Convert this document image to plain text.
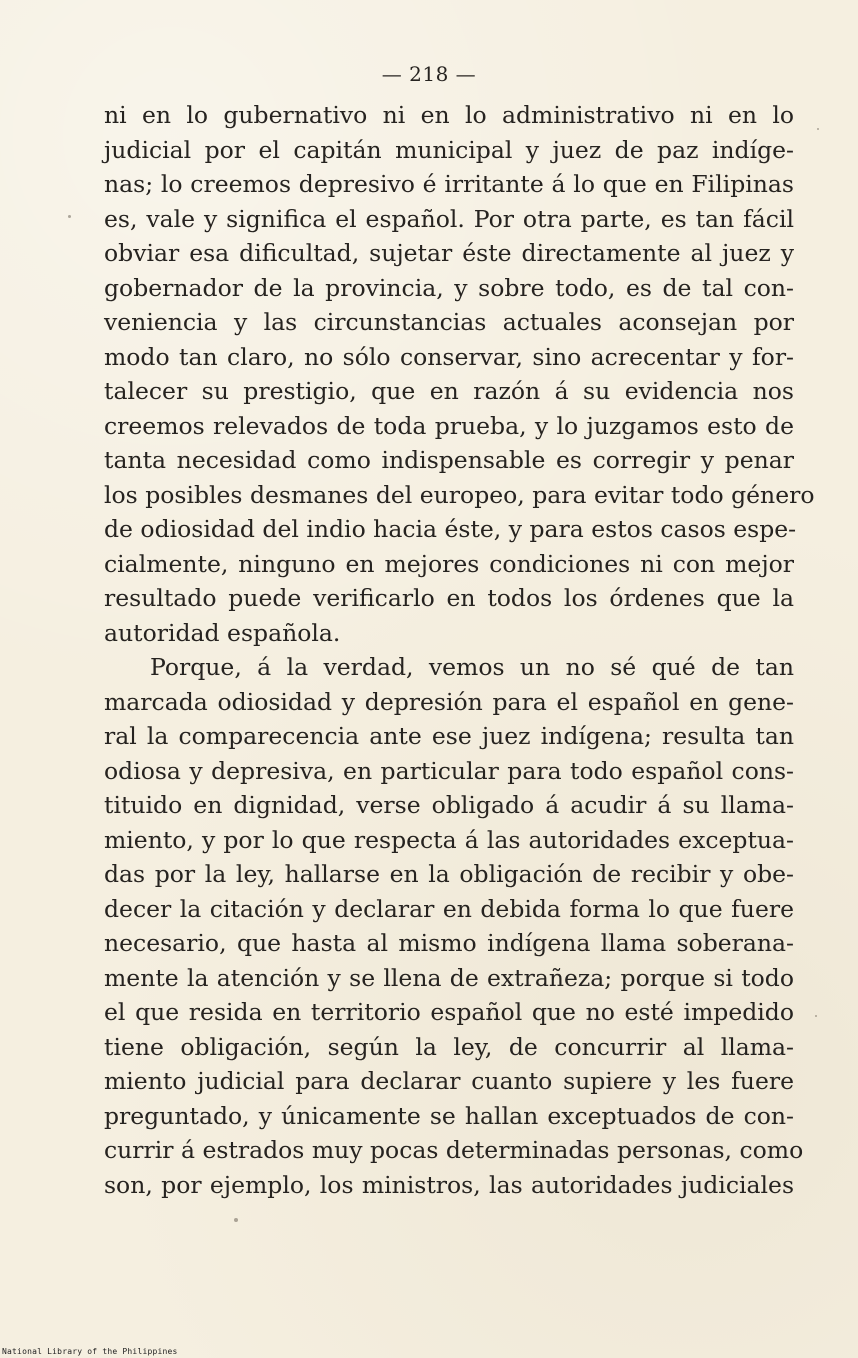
— 218 —
ni en lo gubernativo ni en lo administrativo ni en lo
judicial por el capitán municipal y juez de paz indíge-
nas; lo creemos depresivo é irritante á lo que en Filipinas
es, vale y significa el español. Por otra parte, es tan fácil
obviar esa dificultad, sujetar éste directamente al juez y
gobernador de la provincia, y sobre todo, es de tal con-
veniencia y las circunstancias actuales aconsejan por
modo tan claro, no sólo conservar, sino acrecentar y for-
talecer su prestigio, que en razón á su evidencia nos
creemos relevados de toda prueba, y lo juzgamos esto de
tanta necesidad como indispensable es corregir y penar
los posibles desmanes del europeo, para evitar todo género
de odiosidad del indio hacia éste, y para estos casos espe-
cialmente, ninguno en mejores condiciones ni con mejor
resultado puede verificarlo en todos los órdenes que la
autoridad española.
Porque, á la verdad, vemos un no sé qué de tan
marcada odiosidad y depresión para el español en gene-
ral la comparecencia ante ese juez indígena; resulta tan
odiosa y depresiva, en particular para todo español cons-
tituido en dignidad, verse obligado á acudir á su llama-
miento, y por lo que respecta á las autoridades exceptua-
das por la ley, hallarse en la obligación de recibir y obe-
decer la citación y declarar en debida forma lo que fuere
necesario, que hasta al mismo indígena llama soberana-
mente la atención y se llena de extrañeza; porque si todo
el que resida en territorio español que no esté impedido
tiene obligación, según la ley, de concurrir al llama-
miento judicial para declarar cuanto supiere y les fuere
preguntado, y únicamente se hallan exceptuados de con-
currir á estrados muy pocas determinadas personas, como
son, por ejemplo, los ministros, las autoridades judiciales
National Library of the Philippines
